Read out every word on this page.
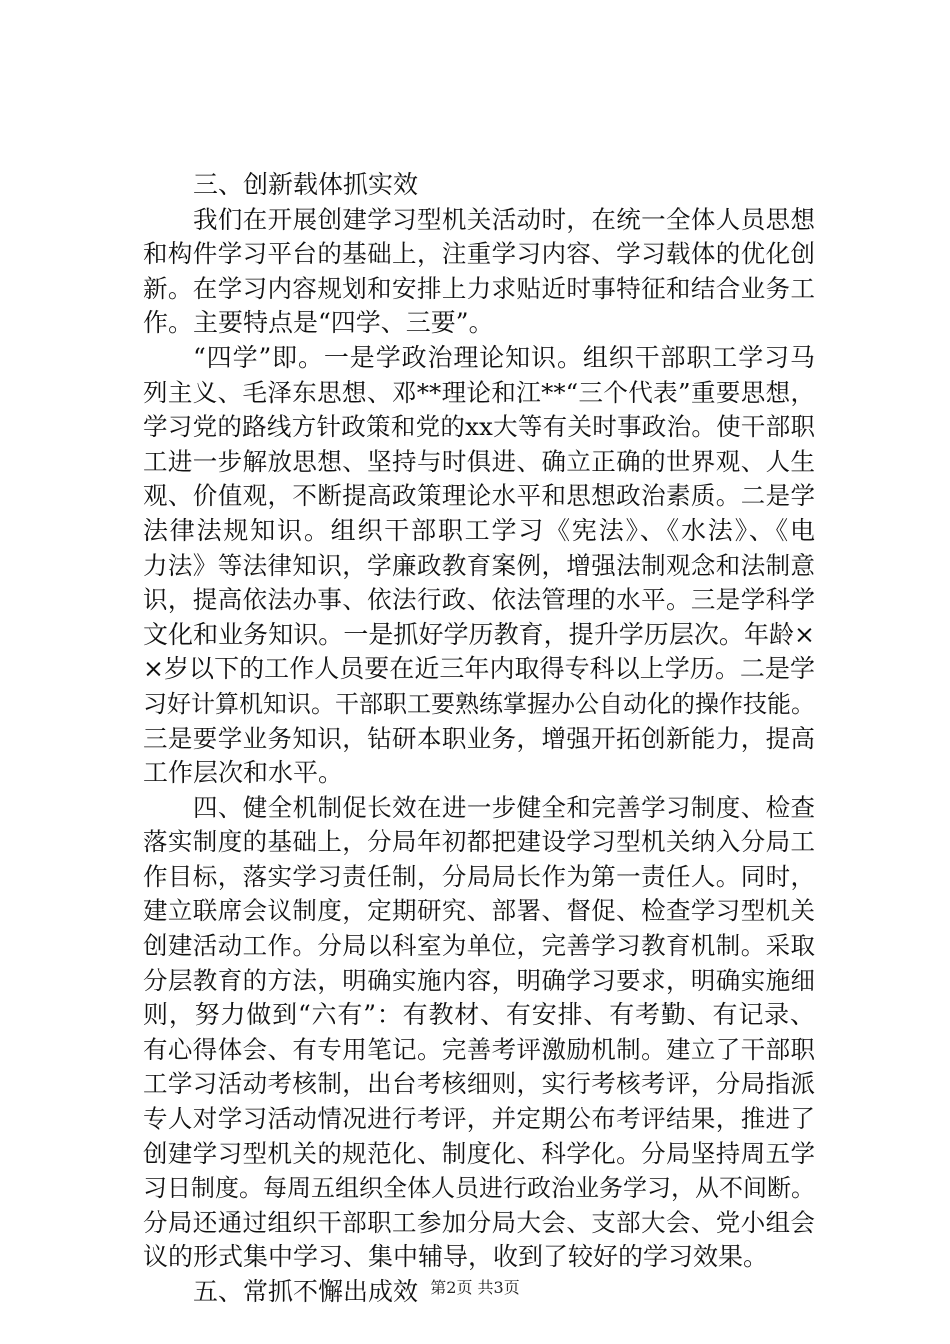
三、创新载体抓实效
我们在开展创建学习型机关活动时，在统一全体人员思想
和构件学习平台的基础上，注重学习内容、学习载体的优化创
新。在学习内容规划和安排上力求贴近时事特征和结合业务工
作。主要特点是“四学、三要”。
“四学”即。一是学政治理论知识。组织干部职工学习马
列主义、毛泽东思想、邓**理论和江**“三个代表”重要思想，
学习党的路线方针政策和党的xx大等有关时事政治。使干部职
工进一步解放思想、坚持与时俱进、确立正确的世界观、人生
观、价值观，不断提高政策理论水平和思想政治素质。二是学
法律法规知识。组织干部职工学习《宪法》、《水法》、《电
力法》等法律知识，学廉政教育案例，增强法制观念和法制意
识，提高依法办事、依法行政、依法管理的水平。三是学科学
文化和业务知识。一是抓好学历教育，提升学历层次。年龄×
×岁以下的工作人员要在近三年内取得专科以上学历。二是学
习好计算机知识。干部职工要熟练掌握办公自动化的操作技能。
三是要学业务知识，钻研本职业务，增强开拓创新能力，提高
工作层次和水平。
四、健全机制促长效在进一步健全和完善学习制度、检查
落实制度的基础上，分局年初都把建设学习型机关纳入分局工
作目标，落实学习责任制，分局局长作为第一责任人。同时，
建立联席会议制度，定期研究、部署、督促、检查学习型机关
创建活动工作。分局以科室为单位，完善学习教育机制。采取
分层教育的方法，明确实施内容，明确学习要求，明确实施细
则，努力做到“六有”：有教材、有安排、有考勤、有记录、
有心得体会、有专用笔记。完善考评激励机制。建立了干部职
工学习活动考核制，出台考核细则，实行考核考评，分局指派
专人对学习活动情况进行考评，并定期公布考评结果，推进了
创建学习型机关的规范化、制度化、科学化。分局坚持周五学
习日制度。每周五组织全体人员进行政治业务学习，从不间断。
分局还通过组织干部职工参加分局大会、支部大会、党小组会
议的形式集中学习、集中辅导，收到了较好的学习效果。
五、常抓不懈出成效 第2页 共3页
